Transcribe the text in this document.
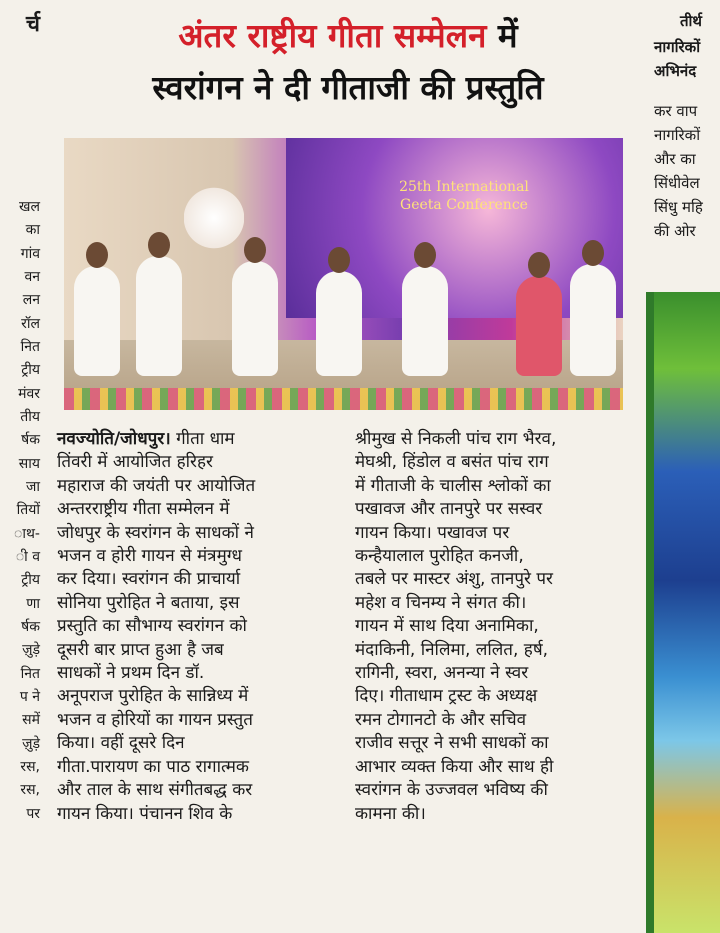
र्च
खल
का
गांव
वन
लन
रॉल
नित
ट्रीय
मंवर
तीय
र्षक
साय
जा
तियों
ाथ-
ी व
ट्रीय
णा
र्षक
ज़ुड़े
नित
प ने
समें
ज़ुड़े
रस,
रस,
पर
तीर्थ
नागरिकों
अभिनंद
कर वाप
नागरिकों
और का
सिंधीवेल
सिंधु महि
की ओर
अंतर राष्ट्रीय गीता सम्मेलन में
स्वरांगन ने दी गीताजी की प्रस्तुति
25th International
Geeta Conference
नवज्योति/जोधपुर। गीता धाम
तिंवरी में आयोजित हरिहर
महाराज की जयंती पर आयोजित
अन्तरराष्ट्रीय गीता सम्मेलन में
जोधपुर के स्वरांगन के साधकों ने
भजन व होरी गायन से मंत्रमुग्ध
कर दिया। स्वरांगन की प्राचार्या
सोनिया पुरोहित ने बताया, इस
प्रस्तुति का सौभाग्य स्वरांगन को
दूसरी बार प्राप्त हुआ है जब
साधकों ने प्रथम दिन डॉ.
अनूपराज पुरोहित के सान्निध्य में
भजन व होरियों का गायन प्रस्तुत
किया। वहीं दूसरे दिन
गीता.पारायण का पाठ रागात्मक
और ताल के साथ संगीतबद्ध कर
गायन किया। पंचानन शिव के
श्रीमुख से निकली पांच राग भैरव,
मेघश्री, हिंडोल व बसंत पांच राग
में गीताजी के चालीस श्लोकों का
पखावज और तानपुरे पर सस्वर
गायन किया। पखावज पर
कन्हैयालाल पुरोहित कनजी,
तबले पर मास्टर अंशु, तानपुरे पर
महेश व चिनम्य ने संगत की।
गायन में साथ दिया अनामिका,
मंदाकिनी, निलिमा, ललित, हर्ष,
रागिनी, स्वरा, अनन्या ने स्वर
दिए। गीताधाम ट्रस्ट के अध्यक्ष
रमन टोगानटो के और सचिव
राजीव सत्तूर ने सभी साधकों का
आभार व्यक्त किया और साथ ही
स्वरांगन के उज्जवल भविष्य की
कामना की।
